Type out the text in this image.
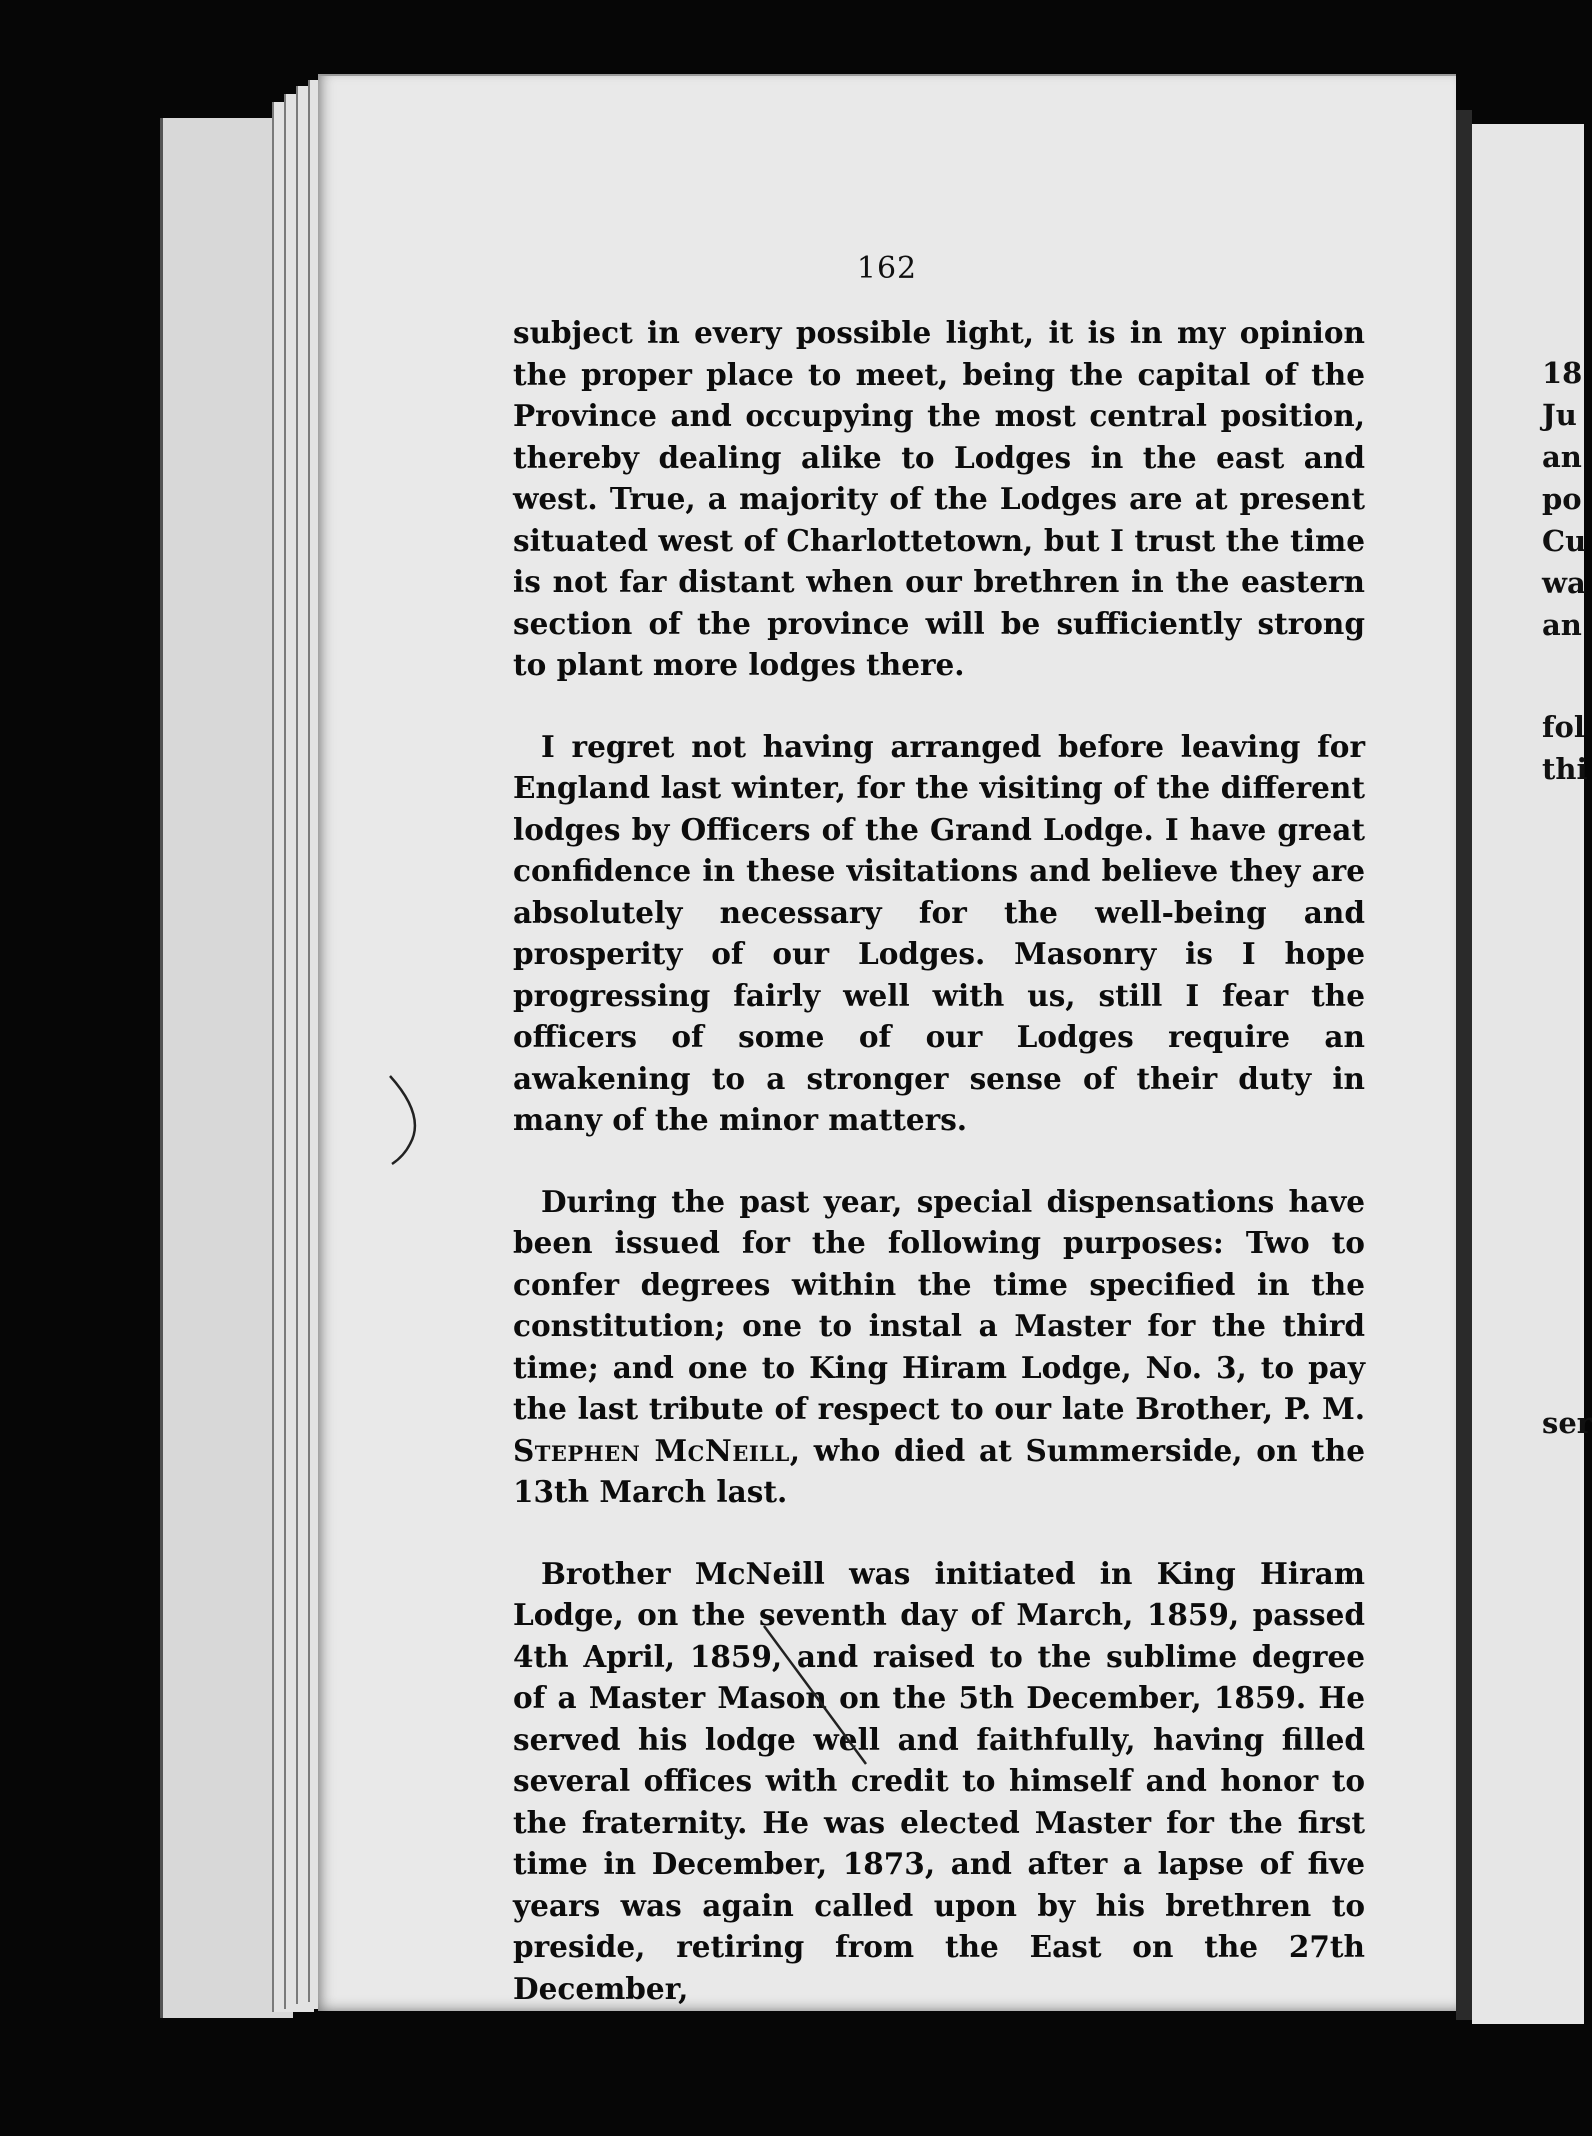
162

subject in every possible light, it is in my opinion the proper place to meet, being the capital of the Province and occupying the most central position, thereby dealing alike to Lodges in the east and west. True, a majority of the Lodges are at present situated west of Charlottetown, but I trust the time is not far distant when our brethren in the eastern section of the province will be sufficiently strong to plant more lodges there.

I regret not having arranged before leaving for England last winter, for the visiting of the different lodges by Officers of the Grand Lodge. I have great confidence in these visitations and believe they are absolutely necessary for the well-being and prosperity of our Lodges. Masonry is I hope progressing fairly well with us, still I fear the officers of some of our Lodges require an awakening to a stronger sense of their duty in many of the minor matters.

During the past year, special dispensations have been issued for the following purposes: Two to confer degrees within the time specified in the constitution; one to instal a Master for the third time; and one to King Hiram Lodge, No. 3, to pay the last tribute of respect to our late Brother, P. M. Stephen McNeill, who died at Summerside, on the 13th March last.

Brother McNeill was initiated in King Hiram Lodge, on the seventh day of March, 1859, passed 4th April, 1859, and raised to the sublime degree of a Master Mason on the 5th December, 1859. He served his lodge well and faithfully, having filled several offices with credit to himself and honor to the fraternity. He was elected Master for the first time in December, 1873, and after a lapse of five years was again called upon by his brethren to preside, retiring from the East on the 27th December,

18
Ju
an
po
Cu
wa
an
fol
thi
ser
